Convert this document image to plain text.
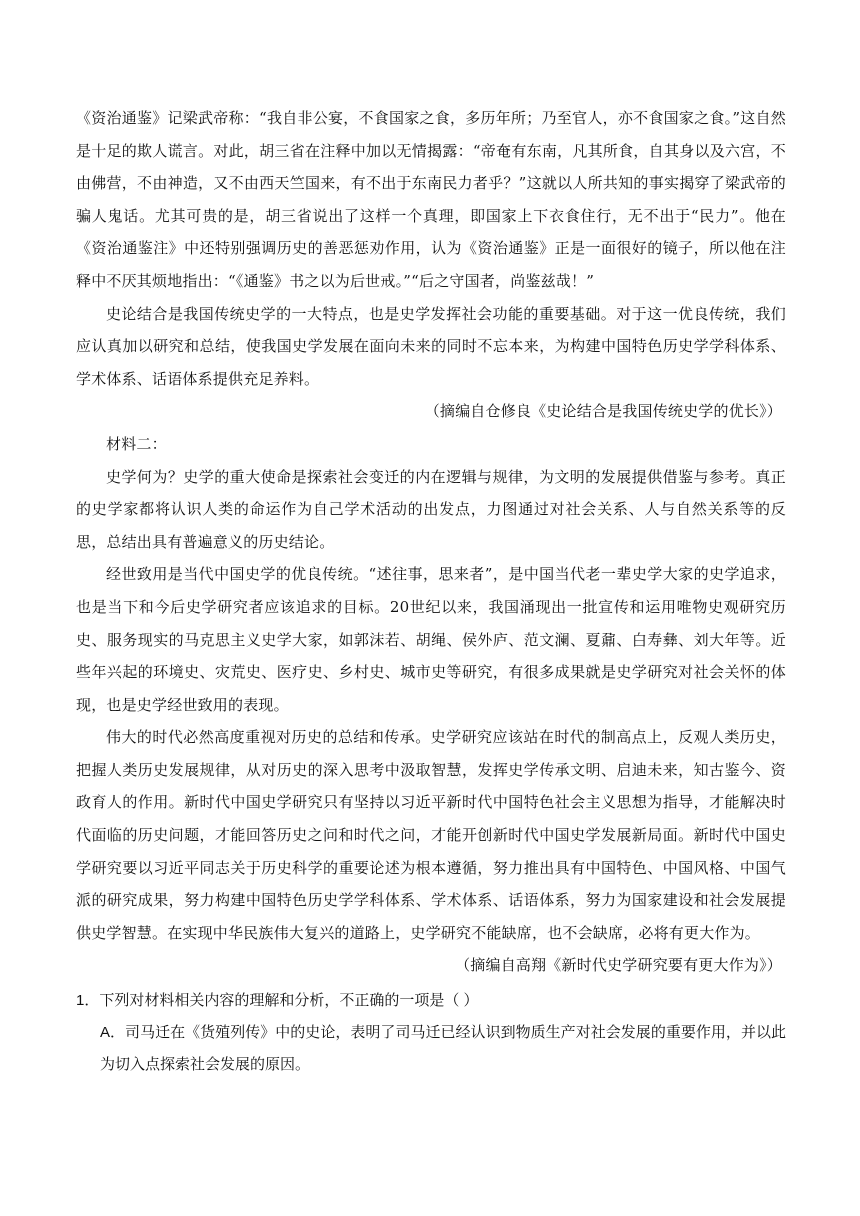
《资治通鉴》记梁武帝称：“我自非公宴，不食国家之食，多历年所；乃至官人，亦不食国家之食。”这自然是十足的欺人谎言。对此，胡三省在注释中加以无情揭露：“帝奄有东南，凡其所食，自其身以及六宫，不由佛营，不由神造，又不由西天竺国来，有不出于东南民力者乎？”这就以人所共知的事实揭穿了梁武帝的骗人鬼话。尤其可贵的是，胡三省说出了这样一个真理，即国家上下衣食住行，无不出于“民力”。他在《资治通鉴注》中还特别强调历史的善恶惩劝作用，认为《资治通鉴》正是一面很好的镜子，所以他在注释中不厌其烦地指出：“《通鉴》书之以为后世戒。”“后之守国者，尚鉴兹哉！”

史论结合是我国传统史学的一大特点，也是史学发挥社会功能的重要基础。对于这一优良传统，我们应认真加以研究和总结，使我国史学发展在面向未来的同时不忘本来，为构建中国特色历史学学科体系、学术体系、话语体系提供充足养料。

（摘编自仓修良《史论结合是我国传统史学的优长》）

材料二：

史学何为？史学的重大使命是探索社会变迁的内在逻辑与规律，为文明的发展提供借鉴与参考。真正的史学家都将认识人类的命运作为自己学术活动的出发点，力图通过对社会关系、人与自然关系等的反思，总结出具有普遍意义的历史结论。

经世致用是当代中国史学的优良传统。“述往事，思来者”，是中国当代老一辈史学大家的史学追求，也是当下和今后史学研究者应该追求的目标。20世纪以来，我国涌现出一批宣传和运用唯物史观研究历史、服务现实的马克思主义史学大家，如郭沫若、胡绳、侯外庐、范文澜、夏鼐、白寿彝、刘大年等。近些年兴起的环境史、灾荒史、医疗史、乡村史、城市史等研究，有很多成果就是史学研究对社会关怀的体现，也是史学经世致用的表现。

伟大的时代必然高度重视对历史的总结和传承。史学研究应该站在时代的制高点上，反观人类历史，把握人类历史发展规律，从对历史的深入思考中汲取智慧，发挥史学传承文明、启迪未来，知古鉴今、资政育人的作用。新时代中国史学研究只有坚持以习近平新时代中国特色社会主义思想为指导，才能解决时代面临的历史问题，才能回答历史之问和时代之问，才能开创新时代中国史学发展新局面。新时代中国史学研究要以习近平同志关于历史科学的重要论述为根本遵循，努力推出具有中国特色、中国风格、中国气派的研究成果，努力构建中国特色历史学学科体系、学术体系、话语体系，努力为国家建设和社会发展提供史学智慧。在实现中华民族伟大复兴的道路上，史学研究不能缺席，也不会缺席，必将有更大作为。

（摘编自高翔《新时代史学研究要有更大作为》）

1．下列对材料相关内容的理解和分析，不正确的一项是（ ）
A．司马迁在《货殖列传》中的史论，表明了司马迁已经认识到物质生产对社会发展的重要作用，并以此为切入点探索社会发展的原因。
